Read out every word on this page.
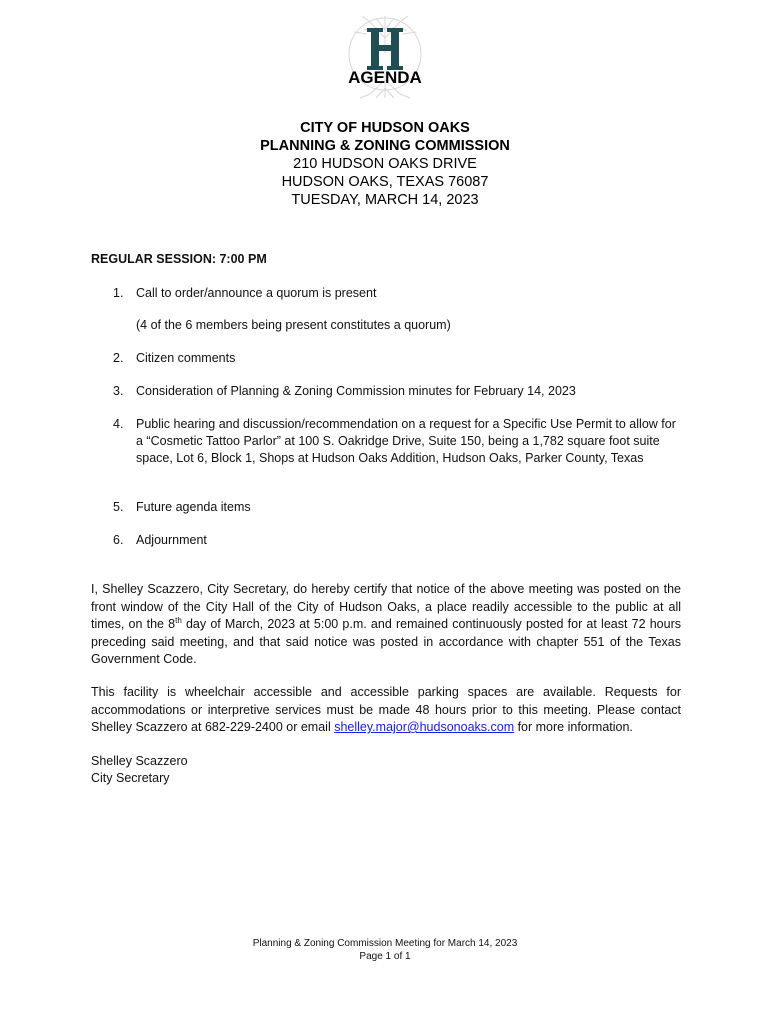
AGENDA
CITY OF HUDSON OAKS
PLANNING & ZONING COMMISSION
210 HUDSON OAKS DRIVE
HUDSON OAKS, TEXAS 76087
TUESDAY, MARCH 14, 2023
REGULAR SESSION: 7:00 PM
1. Call to order/announce a quorum is present
(4 of the 6 members being present constitutes a quorum)
2. Citizen comments
3. Consideration of Planning & Zoning Commission minutes for February 14, 2023
4. Public hearing and discussion/recommendation on a request for a Specific Use Permit to allow for a “Cosmetic Tattoo Parlor” at 100 S. Oakridge Drive, Suite 150, being a 1,782 square foot suite space, Lot 6, Block 1, Shops at Hudson Oaks Addition, Hudson Oaks, Parker County, Texas
5. Future agenda items
6. Adjournment
I, Shelley Scazzero, City Secretary, do hereby certify that notice of the above meeting was posted on the front window of the City Hall of the City of Hudson Oaks, a place readily accessible to the public at all times, on the 8th day of March, 2023 at 5:00 p.m. and remained continuously posted for at least 72 hours preceding said meeting, and that said notice was posted in accordance with chapter 551 of the Texas Government Code.
This facility is wheelchair accessible and accessible parking spaces are available. Requests for accommodations or interpretive services must be made 48 hours prior to this meeting. Please contact Shelley Scazzero at 682-229-2400 or email shelley.major@hudsonoaks.com for more information.
Shelley Scazzero
City Secretary
Planning & Zoning Commission Meeting for March 14, 2023
Page 1 of 1
